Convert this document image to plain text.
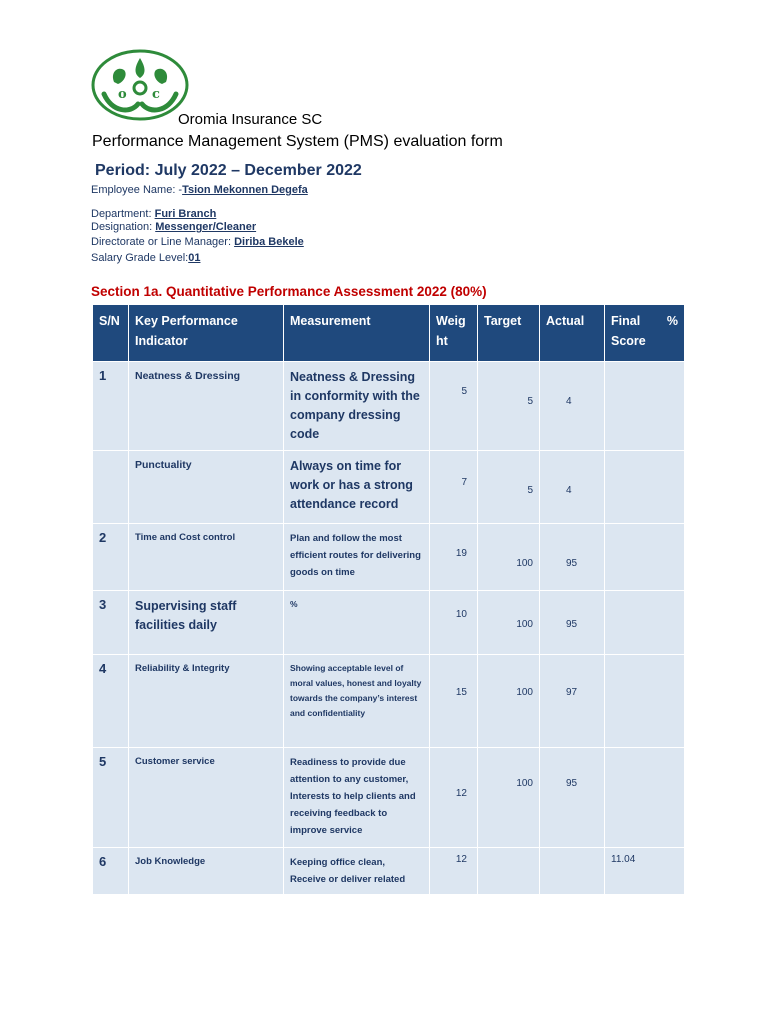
o c
Oromia Insurance SC
Performance Management System (PMS) evaluation form
Period: July 2022 – December 2022
Employee Name: -Tsion Mekonnen Degefa
Department: Furi Branch
Designation: Messenger/Cleaner
Directorate or Line Manager: Diriba Bekele
Salary Grade Level:01
Section 1a. Quantitative Performance Assessment 2022 (80%)
S/N	Key Performance Indicator	Measurement	Weig ht	Target	Actual	Final %
Score

1	Neatness & Dressing	Neatness & Dressing in conformity with the company dressing code	5	5	4	
	Punctuality	Always on time for work or has a strong attendance record	7	5	4	
2	Time and Cost control	Plan and follow the most efficient routes for delivering goods on time	19	100	95	
3	Supervising staff facilities daily	%	10	100	95	
4	Reliability & Integrity	Showing acceptable level of moral values, honest and loyalty towards the company’s interest and confidentiality	15	100	97	
5	Customer service	Readiness to provide due attention to any customer, Interests to help clients and receiving feedback to improve service	12	100	95	
6	Job Knowledge	Keeping office clean, Receive or deliver related	12			11.04
